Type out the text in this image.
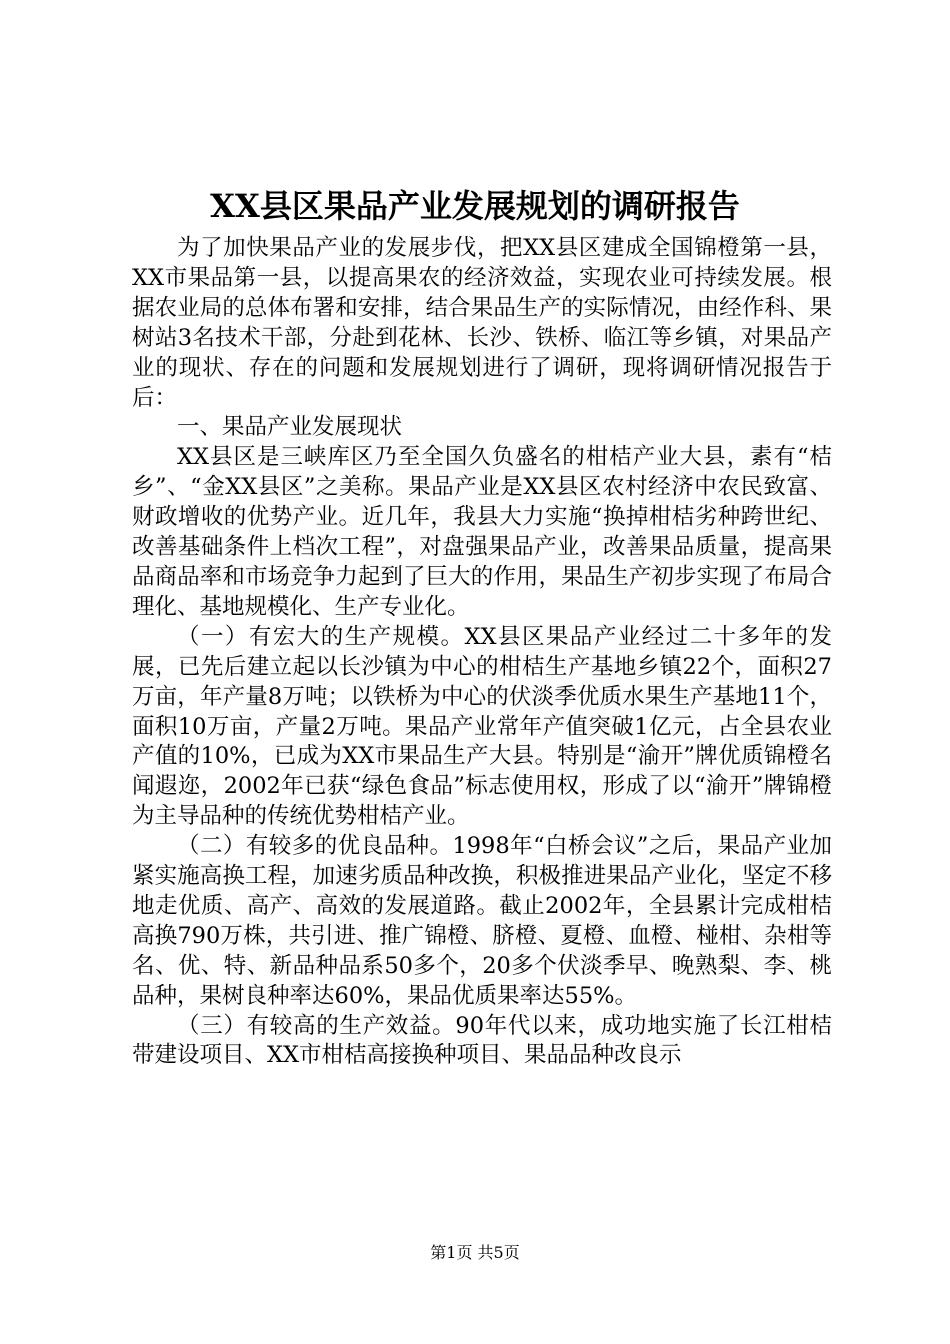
XX县区果品产业发展规划的调研报告

为了加快果品产业的发展步伐，把XX县区建成全国锦橙第一县，XX市果品第一县，以提高果农的经济效益，实现农业可持续发展。根据农业局的总体布署和安排，结合果品生产的实际情况，由经作科、果树站3名技术干部，分赴到花林、长沙、铁桥、临江等乡镇，对果品产业的现状、存在的问题和发展规划进行了调研，现将调研情况报告于后：

一、果品产业发展现状

XX县区是三峡库区乃至全国久负盛名的柑桔产业大县，素有“桔乡”、“金XX县区”之美称。果品产业是XX县区农村经济中农民致富、财政增收的优势产业。近几年，我县大力实施“换掉柑桔劣种跨世纪、改善基础条件上档次工程”，对盘强果品产业，改善果品质量，提高果品商品率和市场竞争力起到了巨大的作用，果品生产初步实现了布局合理化、基地规模化、生产专业化。

（一）有宏大的生产规模。XX县区果品产业经过二十多年的发展，已先后建立起以长沙镇为中心的柑桔生产基地乡镇22个，面积27万亩，年产量8万吨；以铁桥为中心的伏淡季优质水果生产基地11个，面积10万亩，产量2万吨。果品产业常年产值突破1亿元，占全县农业产值的10%，已成为XX市果品生产大县。特别是“渝开”牌优质锦橙名闻遐迩，2002年已获“绿色食品”标志使用权，形成了以“渝开”牌锦橙为主导品种的传统优势柑桔产业。

（二）有较多的优良品种。1998年“白桥会议”之后，果品产业加紧实施高换工程，加速劣质品种改换，积极推进果品产业化，坚定不移地走优质、高产、高效的发展道路。截止2002年，全县累计完成柑桔高换790万株，共引进、推广锦橙、脐橙、夏橙、血橙、椪柑、杂柑等名、优、特、新品种品系50多个，20多个伏淡季早、晚熟梨、李、桃品种，果树良种率达60%，果品优质果率达55%。

（三）有较高的生产效益。90年代以来，成功地实施了长江柑桔带建设项目、XX市柑桔高接换种项目、果品品种改良示

第1页 共5页
